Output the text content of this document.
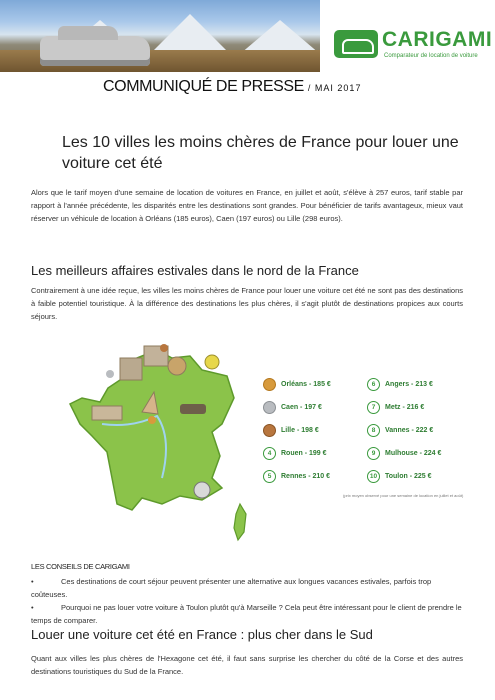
CARIGAMI
Comparateur de location de voiture
COMMUNIQUÉ DE PRESSE / MAI 2017
Les 10 villes les moins chères de France pour louer une voiture cet été
Alors que le tarif moyen d'une semaine de location de voitures en France, en juillet et août, s'élève à 257 euros, tarif stable par rapport à l'année précédente, les disparités entre les destinations sont grandes. Pour bénéficier de tarifs avantageux, mieux vaut réserver un véhicule de location à Orléans (185 euros), Caen (197 euros) ou Lille (298 euros).
Les meilleurs affaires estivales dans le nord de la France
Contrairement à une idée reçue, les villes les moins chères de France pour louer une voiture cet été ne sont pas des destinations à faible potentiel touristique. À la différence des destinations les plus chères, il s'agit plutôt de destinations propices aux courts séjours.
Orléans - 185 €
Caen - 197 €
Lille - 198 €
4	Rouen - 199 €
5	Rennes - 210 €
6	Angers - 213 €
7	Metz - 216 €
8	Vannes - 222 €
9	Mulhouse - 224 €
10	Toulon - 225 €
(prix moyen observé pour une semaine de location en juillet et août)
LES CONSEILS DE CARIGAMI
•	Ces destinations de court séjour peuvent présenter une alternative aux longues vacances estivales, parfois trop coûteuses.
•	Pourquoi ne pas louer votre voiture à Toulon plutôt qu'à Marseille ? Cela peut être intéressant pour le client de prendre le temps de comparer.
Louer une voiture cet été en France : plus cher dans le Sud
Quant aux villes les plus chères de l'Hexagone cet été, il faut sans surprise les chercher du côté de la Corse et des autres destinations touristiques du Sud de la France.
